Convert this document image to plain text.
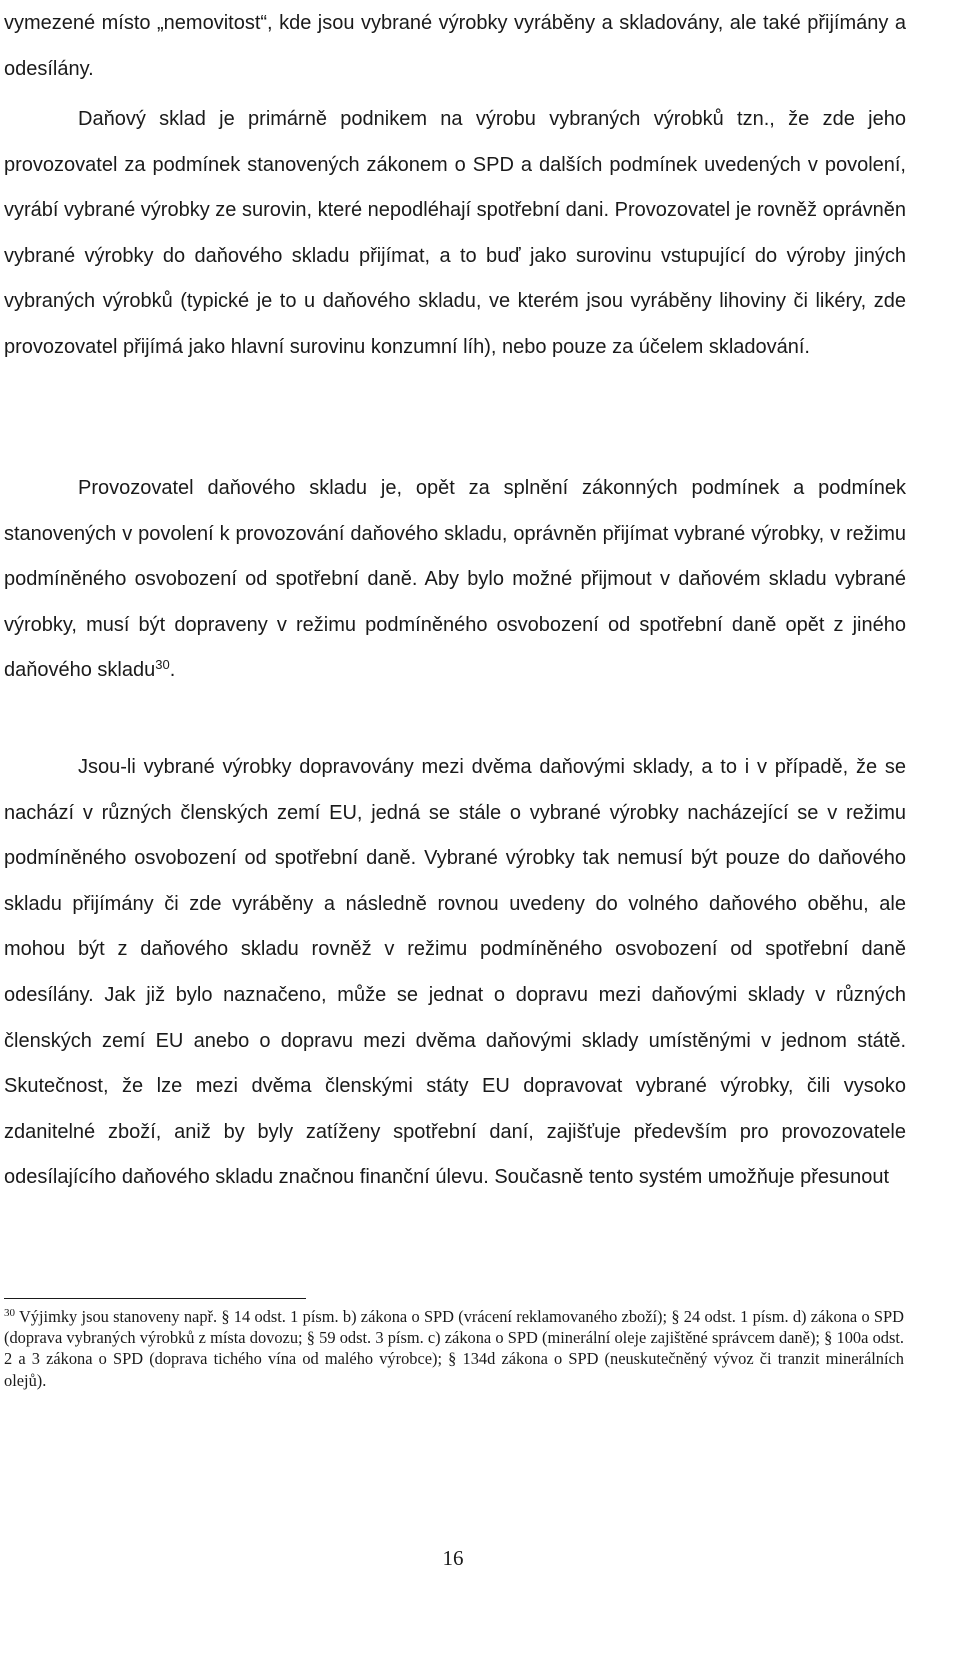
vymezené místo „nemovitost“, kde jsou vybrané výrobky vyráběny a skladovány, ale také přijímány a odesílány.

Daňový sklad je primárně podnikem na výrobu vybraných výrobků tzn., že zde jeho provozovatel za podmínek stanovených zákonem o SPD a dalších podmínek uvedených v povolení, vyrábí vybrané výrobky ze surovin, které nepodléhají spotřební dani. Provozovatel je rovněž oprávněn vybrané výrobky do daňového skladu přijímat, a to buď jako surovinu vstupující do výroby jiných vybraných výrobků (typické je to u daňového skladu, ve kterém jsou vyráběny lihoviny či likéry, zde provozovatel přijímá jako hlavní surovinu konzumní líh), nebo pouze za účelem skladování.

Provozovatel daňového skladu je, opět za splnění zákonných podmínek a podmínek stanovených v povolení k provozování daňového skladu, oprávněn přijímat vybrané výrobky, v režimu podmíněného osvobození od spotřební daně. Aby bylo možné přijmout v daňovém skladu vybrané výrobky, musí být dopraveny v režimu podmíněného osvobození od spotřební daně opět z jiného daňového skladu$^{30}$.

Jsou-li vybrané výrobky dopravovány mezi dvěma daňovými sklady, a to i v případě, že se nachází v různých členských zemí EU, jedná se stále o vybrané výrobky nacházející se v režimu podmíněného osvobození od spotřební daně. Vybrané výrobky tak nemusí být pouze do daňového skladu přijímány či zde vyráběny a následně rovnou uvedeny do volného daňového oběhu, ale mohou být z daňového skladu rovněž v režimu podmíněného osvobození od spotřební daně odesílány. Jak již bylo naznačeno, může se jednat o dopravu mezi daňovými sklady v různých členských zemí EU anebo o dopravu mezi dvěma daňovými sklady umístěnými v jednom státě. Skutečnost, že lze mezi dvěma členskými státy EU dopravovat vybrané výrobky, čili vysoko zdanitelné zboží, aniž by byly zatíženy spotřební daní, zajišťuje především pro provozovatele odesílajícího daňového skladu značnou finanční úlevu. Současně tento systém umožňuje přesunout

$^{30}$ Výjimky jsou stanoveny např. § 14 odst. 1 písm. b) zákona o SPD (vrácení reklamovaného zboží); § 24 odst. 1 písm. d) zákona o SPD (doprava vybraných výrobků z místa dovozu; § 59 odst. 3 písm. c) zákona o SPD (minerální oleje zajištěné správcem daně); § 100a odst. 2 a 3 zákona o SPD (doprava tichého vína od malého výrobce); § 134d zákona o SPD (neuskutečněný vývoz či tranzit minerálních olejů).
16
